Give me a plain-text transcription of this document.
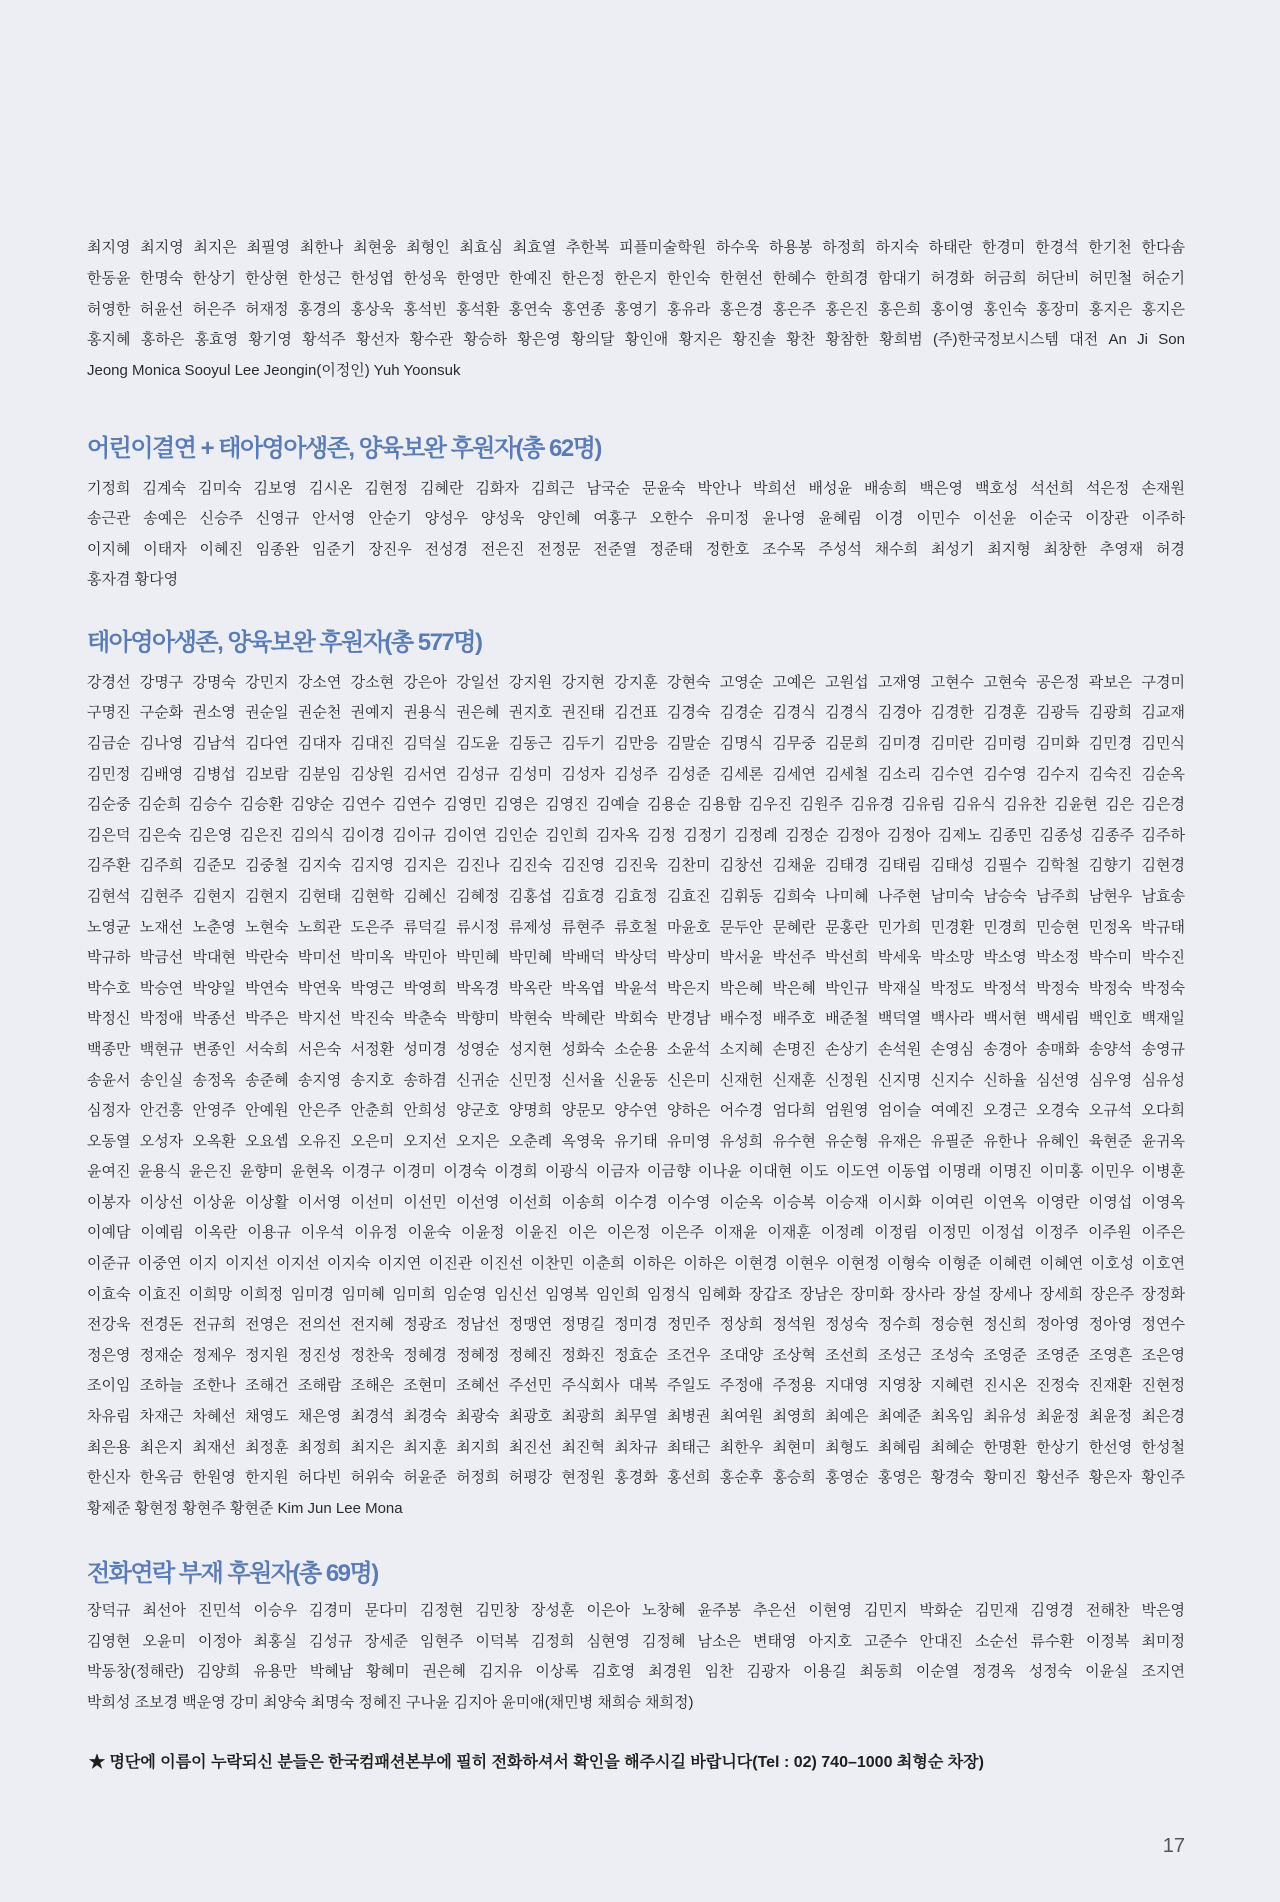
최지영 최지영 최지은 최필영 최한나 최현웅 최형인 최효심 최효열 추한복 피플미술학원 하수욱 하용봉 하정희 하지숙 하태란 한경미 한경석 한기천 한다솜
한동윤 한명숙 한상기 한상현 한성근 한성엽 한성욱 한영만 한예진 한은정 한은지 한인숙 한현선 한혜수 한희경 함대기 허경화 허금희 허단비 허민철 허순기
허영한 허윤선 허은주 허재정 홍경의 홍상욱 홍석빈 홍석환 홍연숙 홍연종 홍영기 홍유라 홍은경 홍은주 홍은진 홍은희 홍이영 홍인숙 홍장미 홍지은 홍지은
홍지혜 홍하은 홍효영 황기영 황석주 황선자 황수관 황승하 황은영 황의달 황인애 황지은 황진솔 황찬 황참한 황희범 (주)한국정보시스템 대전 An Ji Son
Jeong Monica Sooyul Lee Jeongin(이정인) Yuh Yoonsuk
어린이결연 + 태아영아생존, 양육보완 후원자(총 62명)
기정희 김계숙 김미숙 김보영 김시온 김현정 김혜란 김화자 김희근 남국순 문윤숙 박안나 박희선 배성윤 배송희 백은영 백호성 석선희 석은정 손재원
송근관 송예은 신승주 신영규 안서영 안순기 양성우 양성욱 양인혜 여홍구 오한수 유미정 윤나영 윤혜림 이경 이민수 이선윤 이순국 이장관 이주하
이지혜 이태자 이혜진 임종완 임준기 장진우 전성경 전은진 전정문 전준열 정준태 정한호 조수목 주성석 채수희 최성기 최지형 최창한 추영재 허경
홍자겸 황다영
태아영아생존, 양육보완 후원자(총 577명)
강경선 강명구 강명숙 강민지 강소연 강소현 강은아 강일선 강지원 강지현 강지훈 강현숙 고영순 고예은 고원섭 고재영 고현수 고현숙 공은정 곽보은 구경미
구명진 구순화 권소영 권순일 권순천 권예지 권용식 권은혜 권지호 권진태 김건표 김경숙 김경순 김경식 김경식 김경아 김경한 김경훈 김광득 김광희 김교재
김금순 김나영 김남석 김다연 김대자 김대진 김덕실 김도윤 김동근 김두기 김만응 김말순 김명식 김무중 김문희 김미경 김미란 김미령 김미화 김민경 김민식
김민정 김배영 김병섭 김보람 김분임 김상원 김서연 김성규 김성미 김성자 김성주 김성준 김세론 김세연 김세철 김소리 김수연 김수영 김수지 김숙진 김순옥
김순중 김순희 김승수 김승환 김양순 김연수 김연수 김영민 김영은 김영진 김예슬 김용순 김용함 김우진 김원주 김유경 김유림 김유식 김유찬 김윤현 김은 김은경
김은덕 김은숙 김은영 김은진 김의식 김이경 김이규 김이연 김인순 김인희 김자옥 김정 김정기 김정례 김정순 김정아 김정아 김제노 김종민 김종성 김종주 김주하
김주환 김주희 김준모 김중철 김지숙 김지영 김지은 김진나 김진숙 김진영 김진욱 김찬미 김창선 김채윤 김태경 김태림 김태성 김필수 김학철 김향기 김현경
김현석 김현주 김현지 김현지 김현태 김현학 김혜신 김혜정 김홍섭 김효경 김효정 김효진 김휘동 김희숙 나미혜 나주현 남미숙 남승숙 남주희 남현우 남효송
노영균 노재선 노춘영 노현숙 노희관 도은주 류덕길 류시정 류제성 류현주 류호철 마윤호 문두안 문혜란 문홍란 민가희 민경환 민경희 민승현 민정옥 박규태
박규하 박금선 박대현 박란숙 박미선 박미옥 박민아 박민혜 박민혜 박배덕 박상덕 박상미 박서윤 박선주 박선희 박세욱 박소망 박소영 박소정 박수미 박수진
박수호 박승연 박양일 박연숙 박연욱 박영근 박영희 박옥경 박옥란 박옥엽 박윤석 박은지 박은혜 박은혜 박인규 박재실 박정도 박정석 박정숙 박정숙 박정숙
박정신 박정애 박종선 박주은 박지선 박진숙 박춘숙 박향미 박현숙 박혜란 박회숙 반경남 배수정 배주호 배준철 백덕열 백사라 백서현 백세림 백인호 백재일
백종만 백현규 변종인 서숙희 서은숙 서정환 성미경 성영순 성지현 성화숙 소순용 소윤석 소지혜 손명진 손상기 손석원 손영심 송경아 송매화 송양석 송영규
송윤서 송인실 송정옥 송준혜 송지영 송지호 송하겸 신귀순 신민정 신서율 신윤동 신은미 신재헌 신재훈 신정원 신지명 신지수 신하율 심선영 심우영 심유성
심정자 안건흥 안영주 안예원 안은주 안춘희 안희성 양군호 양명희 양문모 양수연 양하은 어수경 엄다희 엄원영 엄이슬 여예진 오경근 오경숙 오규석 오다희
오동열 오성자 오옥환 오요셉 오유진 오은미 오지선 오지은 오춘례 옥영욱 유기태 유미영 유성희 유수현 유순형 유재은 유필준 유한나 유혜인 육현준 윤귀옥
윤여진 윤용식 윤은진 윤향미 윤현옥 이경구 이경미 이경숙 이경희 이광식 이금자 이금향 이나윤 이대현 이도 이도연 이동엽 이명래 이명진 이미홍 이민우 이병훈
이봉자 이상선 이상윤 이상활 이서영 이선미 이선민 이선영 이선희 이송희 이수경 이수영 이순옥 이승복 이승재 이시화 이여린 이연옥 이영란 이영섭 이영옥
이예담 이예림 이옥란 이용규 이우석 이유정 이윤숙 이윤정 이윤진 이은 이은정 이은주 이재윤 이재훈 이정례 이정림 이정민 이정섭 이정주 이주원 이주은
이준규 이중연 이지 이지선 이지선 이지숙 이지연 이진관 이진선 이찬민 이춘희 이하은 이하은 이현경 이현우 이현정 이형숙 이형준 이혜련 이혜연 이호성 이호연
이효숙 이효진 이희망 이희정 임미경 임미혜 임미희 임순영 임신선 임영복 임인희 임정식 임혜화 장갑조 장남은 장미화 장사라 장설 장세나 장세희 장은주 장정화
전강욱 전경돈 전규희 전영은 전의선 전지혜 정광조 정남선 정맹연 정명길 정미경 정민주 정상희 정석원 정성숙 정수희 정승현 정신희 정아영 정아영 정연수
정은영 정재순 정제우 정지원 정진성 정찬욱 정혜경 정혜정 정혜진 정화진 정효순 조건우 조대양 조상혁 조선희 조성근 조성숙 조영준 조영준 조영흔 조은영
조이임 조하늘 조한나 조해건 조해람 조해은 조현미 조혜선 주선민 주식회사 대복 주일도 주정애 주정용 지대영 지영창 지혜련 진시온 진정숙 진재환 진현정
차유림 차재근 차혜선 채영도 채은영 최경석 최경숙 최광숙 최광호 최광희 최무열 최병권 최여원 최영희 최예은 최예준 최옥임 최유성 최윤정 최윤정 최은경
최은용 최은지 최재선 최정훈 최정희 최지은 최지훈 최지희 최진선 최진혁 최차규 최태근 최한우 최현미 최형도 최혜림 최혜순 한명환 한상기 한선영 한성철
한신자 한옥금 한원영 한지원 허다빈 허위숙 허윤준 허정희 허평강 현정원 홍경화 홍선희 홍순후 홍승희 홍영순 홍영은 황경숙 황미진 황선주 황은자 황인주
황제준 황현정 황현주 황현준 Kim Jun Lee Mona
전화연락 부재 후원자(총 69명)
장덕규 최선아 진민석 이승우 김경미 문다미 김정현 김민창 장성훈 이은아 노창혜 윤주봉 추은선 이현영 김민지 박화순 김민재 김영경 전해찬 박은영
김영현 오윤미 이정아 최홍실 김성규 장세준 임현주 이덕복 김정희 심현영 김정혜 남소은 변태영 아지호 고준수 안대진 소순선 류수환 이정복 최미정
박동창(정해란) 김양희 유용만 박혜남 황혜미 권은혜 김지유 이상록 김호영 최경원 임찬 김광자 이용길 최동희 이순열 정경옥 성정숙 이윤실 조지연
박희성 조보경 백운영 강미 최양숙 최명숙 정혜진 구나윤 김지아 윤미애(채민병 채희승 채희정)
★ 명단에 이름이 누락되신 분들은 한국컴패션본부에 필히 전화하셔서 확인을 해주시길 바랍니다(Tel : 02) 740–1000 최형순 차장)
17
